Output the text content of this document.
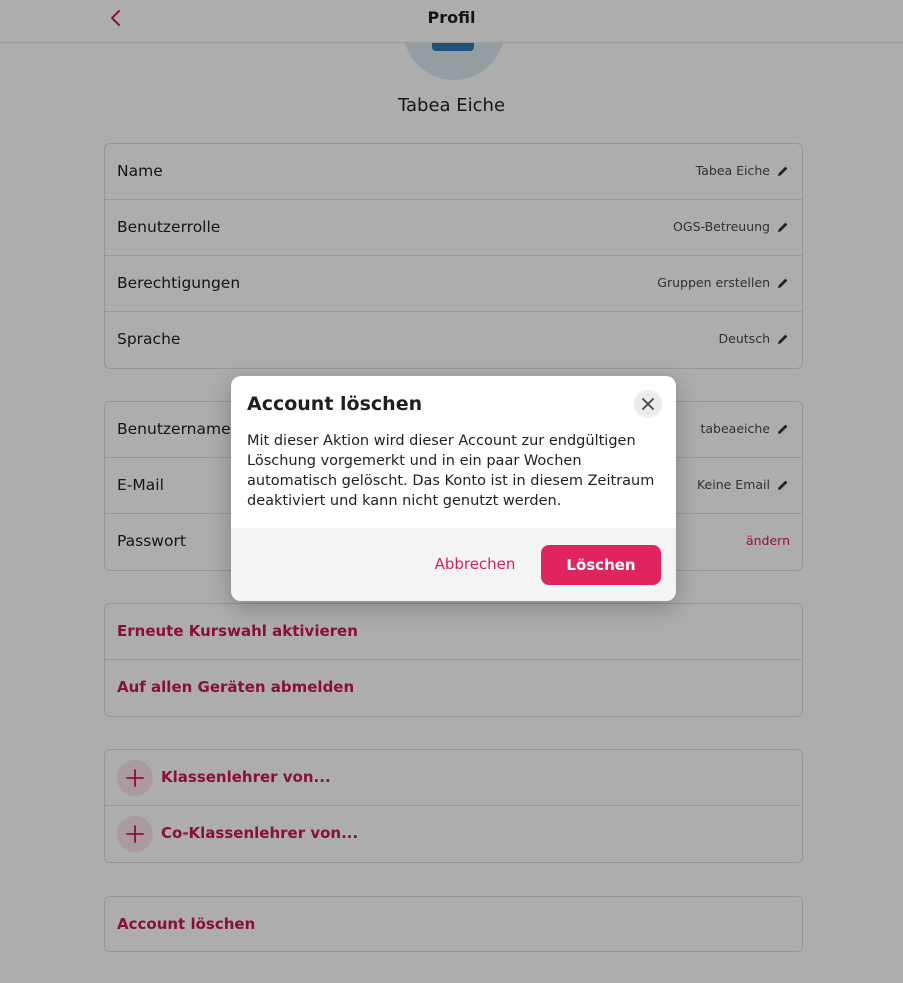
Profil
Tabea Eiche
Name	Tabea Eiche
Benutzerrolle	OGS-Betreuung
Berechtigungen	Gruppen erstellen
Sprache	Deutsch
Benutzername	tabeaeiche
E-Mail	Keine Email
Passwort	ändern
Erneute Kurswahl aktivieren
Auf allen Geräten abmelden
Klassenlehrer von...
Co-Klassenlehrer von...
Account löschen
Account löschen
Mit dieser Aktion wird dieser Account zur endgültigen Löschung vorgemerkt und in ein paar Wochen automatisch gelöscht. Das Konto ist in diesem Zeitraum deaktiviert und kann nicht genutzt werden.
Abbrechen	Löschen
